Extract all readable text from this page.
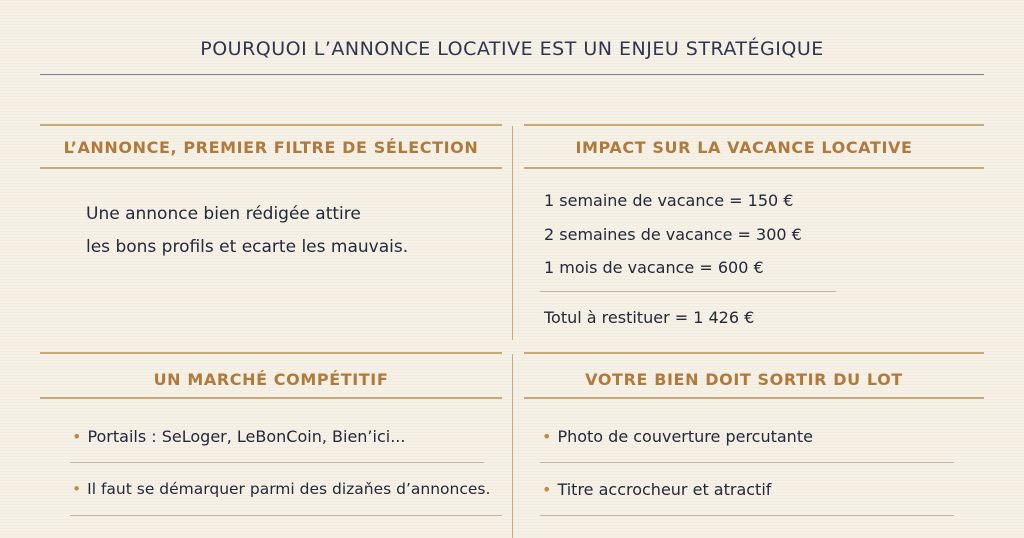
POURQUOI L’ANNONCE LOCATIVE EST UN ENJEU STRATÉGIQUE
L’ANNONCE, PREMIER FILTRE DE SÉLECTION
Une annonce bien rédigée attire
les bons profils et ecarte les mauvais.
IMPACT SUR LA VACANCE LOCATIVE
1 semaine de vacance = 150 €
2 semaines de vacance = 300 €
1 mois de vacance = 600 €
Totul à restituer = 1 426 €
UN MARCHÉ COMPÉTITIF
• Portails : SeLoger, LeBonCoin, Bien’ici...
• Il faut se démarquer parmi des dizaňes d’annonces.
VOTRE BIEN DOIT SORTIR DU LOT
• Photo de couverture percutante
• Titre accrocheur et atractif
